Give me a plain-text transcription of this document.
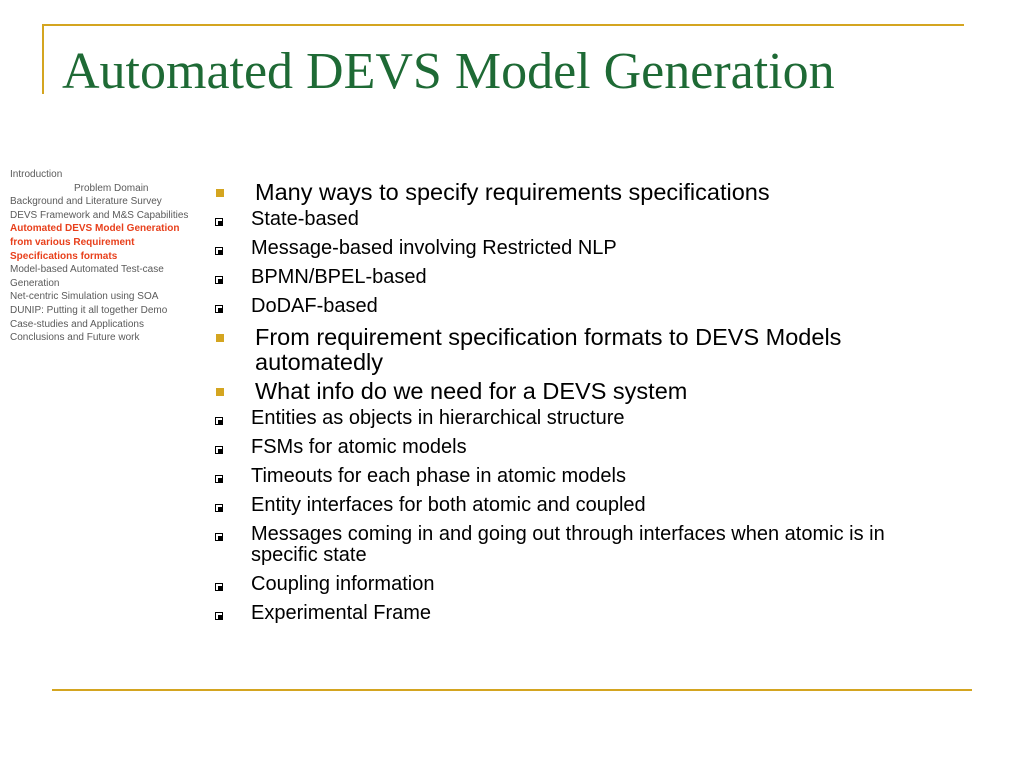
Automated DEVS Model Generation
Introduction
Problem Domain
Background and Literature Survey
DEVS Framework and M&S Capabilities
Automated DEVS Model Generation from various Requirement Specifications formats
Model-based Automated Test-case Generation
Net-centric Simulation using SOA
DUNIP: Putting it all together Demo
Case-studies and Applications
Conclusions and Future work
Many ways to specify requirements specifications
State-based
Message-based involving Restricted NLP
BPMN/BPEL-based
DoDAF-based
From requirement specification formats to DEVS Models automatedly
What info do we need for a DEVS system
Entities as objects in hierarchical structure
FSMs for atomic models
Timeouts for each phase in atomic models
Entity interfaces for both atomic and coupled
Messages coming in and going out through interfaces when atomic is in specific state
Coupling information
Experimental Frame
